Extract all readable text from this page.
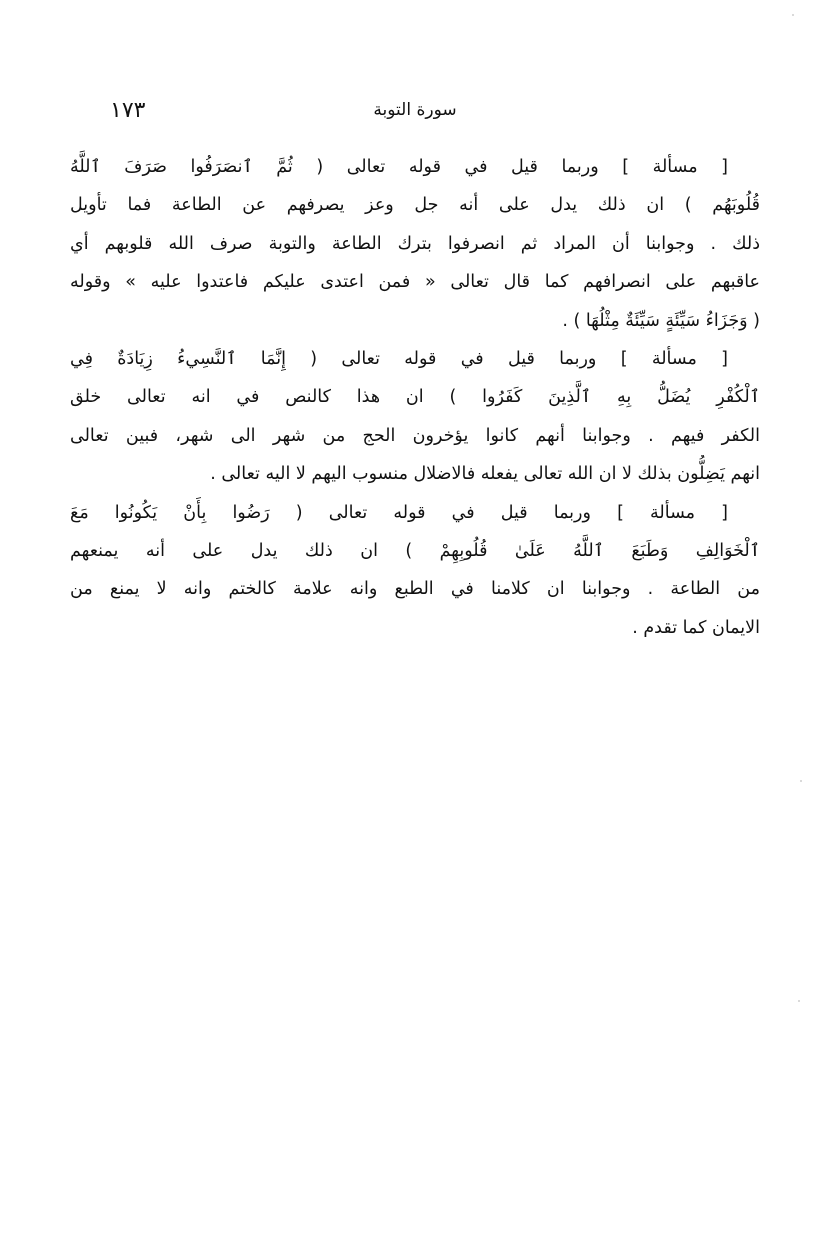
١٧٣	سورة التوبة
[ مسألة ] وربما قيل في قوله تعالى ( ثُمَّ ٱنصَرَفُوا صَرَفَ ٱللَّهُ
قُلُوبَهُم ) ان ذلك يدل على أنه جل وعز يصرفهم عن الطاعة فما تأويل
ذلك . وجوابنا أن المراد ثم انصرفوا بترك الطاعة والتوبة صرف الله قلوبهم أي
عاقبهم على انصرافهم كما قال تعالى « فمن اعتدى عليكم فاعتدوا عليه » وقوله
( وَجَزَاءُ سَيِّئَةٍ سَيِّئَةٌ مِثْلُهَا ) .
[ مسألة ] وربما قيل في قوله تعالى ( إِنَّمَا ٱلنَّسِيءُ زِيَادَةٌ فِي
ٱلْكُفْرِ يُضَلُّ بِهِ ٱلَّذِينَ كَفَرُوا ) ان هذا كالنص في انه تعالى خلق
الكفر فيهم . وجوابنا أنهم كانوا يؤخرون الحج من شهر الى شهر، فبين تعالى
انهم يَضِلُّون بذلك لا ان الله تعالى يفعله فالاضلال منسوب اليهم لا اليه تعالى .
[ مسألة ] وربما قيل في قوله تعالى ( رَضُوا بِأَنْ يَكُونُوا مَعَ
ٱلْخَوَالِفِ وَطَبَعَ ٱللَّهُ عَلَىٰ قُلُوبِهِمْ ) ان ذلك يدل على أنه يمنعهم
من الطاعة . وجوابنا ان كلامنا في الطبع وانه علامة كالختم وانه لا يمنع من
الايمان كما تقدم .
